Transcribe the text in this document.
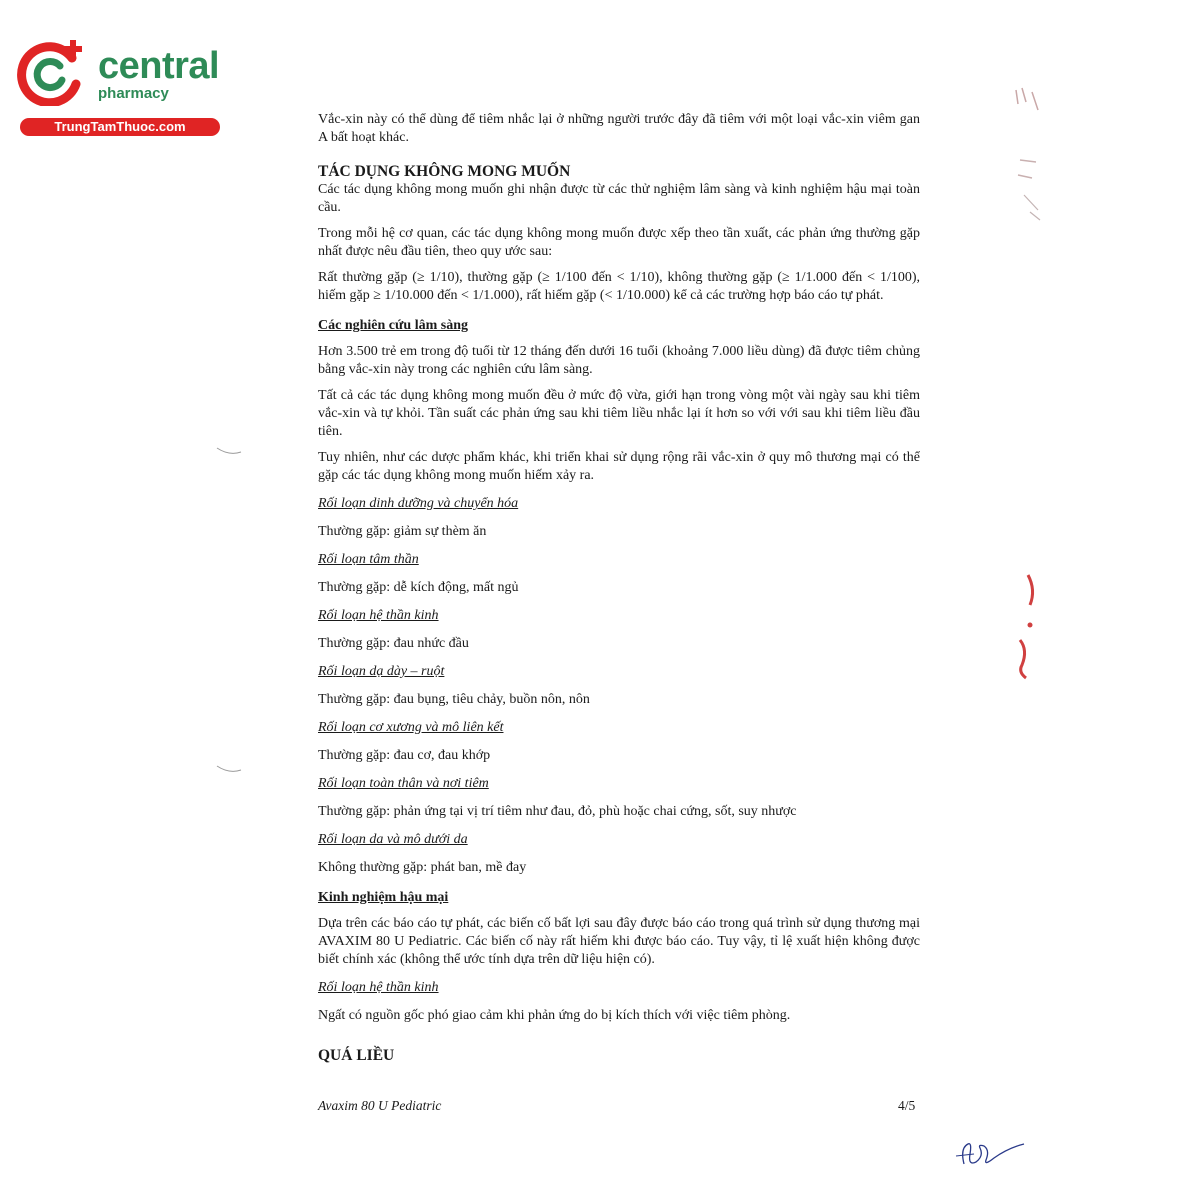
central
pharmacy
TrungTamThuoc.com	Vắc-xin này có thể dùng để tiêm nhắc lại ở những người trước đây đã tiêm với một loại vắc-xin viêm gan A bất hoạt khác.

TÁC DỤNG KHÔNG MONG MUỐN

Các tác dụng không mong muốn ghi nhận được từ các thử nghiệm lâm sàng và kinh nghiệm hậu mại toàn cầu.

Trong mỗi hệ cơ quan, các tác dụng không mong muốn được xếp theo tần xuất, các phản ứng thường gặp nhất được nêu đầu tiên, theo quy ước sau:

Rất thường gặp (≥ 1/10), thường gặp (≥ 1/100 đến < 1/10), không thường gặp (≥ 1/1.000 đến < 1/100), hiếm gặp ≥ 1/10.000 đến < 1/1.000), rất hiếm gặp (< 1/10.000) kể cả các trường hợp báo cáo tự phát.

Các nghiên cứu lâm sàng

Hơn 3.500 trẻ em trong độ tuổi từ 12 tháng đến dưới 16 tuổi (khoảng 7.000 liều dùng) đã được tiêm chủng bằng vắc-xin này trong các nghiên cứu lâm sàng.

Tất cả các tác dụng không mong muốn đều ở mức độ vừa, giới hạn trong vòng một vài ngày sau khi tiêm vắc-xin và tự khỏi. Tần suất các phản ứng sau khi tiêm liều nhắc lại ít hơn so với với sau khi tiêm liều đầu tiên.

Tuy nhiên, như các dược phẩm khác, khi triển khai sử dụng rộng rãi vắc-xin ở quy mô thương mại có thể gặp các tác dụng không mong muốn hiếm xảy ra.

Rối loạn dinh dưỡng và chuyển hóa
Thường gặp: giảm sự thèm ăn
Rối loạn tâm thần
Thường gặp: dễ kích động, mất ngủ
Rối loạn hệ thần kinh
Thường gặp: đau nhức đầu
Rối loạn dạ dày – ruột
Thường gặp: đau bụng, tiêu chảy, buồn nôn, nôn
Rối loạn cơ xương và mô liên kết
Thường gặp: đau cơ, đau khớp
Rối loạn toàn thân và nơi tiêm
Thường gặp: phản ứng tại vị trí tiêm như đau, đỏ, phù hoặc chai cứng, sốt, suy nhược
Rối loạn da và mô dưới da
Không thường gặp: phát ban, mề đay
Kinh nghiệm hậu mại

Dựa trên các báo cáo tự phát, các biến cố bất lợi sau đây được báo cáo trong quá trình sử dụng thương mại AVAXIM 80 U Pediatric. Các biến cố này rất hiếm khi được báo cáo. Tuy vậy, tỉ lệ xuất hiện không được biết chính xác (không thể ước tính dựa trên dữ liệu hiện có).

Rối loạn hệ thần kinh
Ngất có nguồn gốc phó giao cảm khi phản ứng do bị kích thích với việc tiêm phòng.
QUÁ LIỀU
Avaxim 80 U Pediatric	4/5
